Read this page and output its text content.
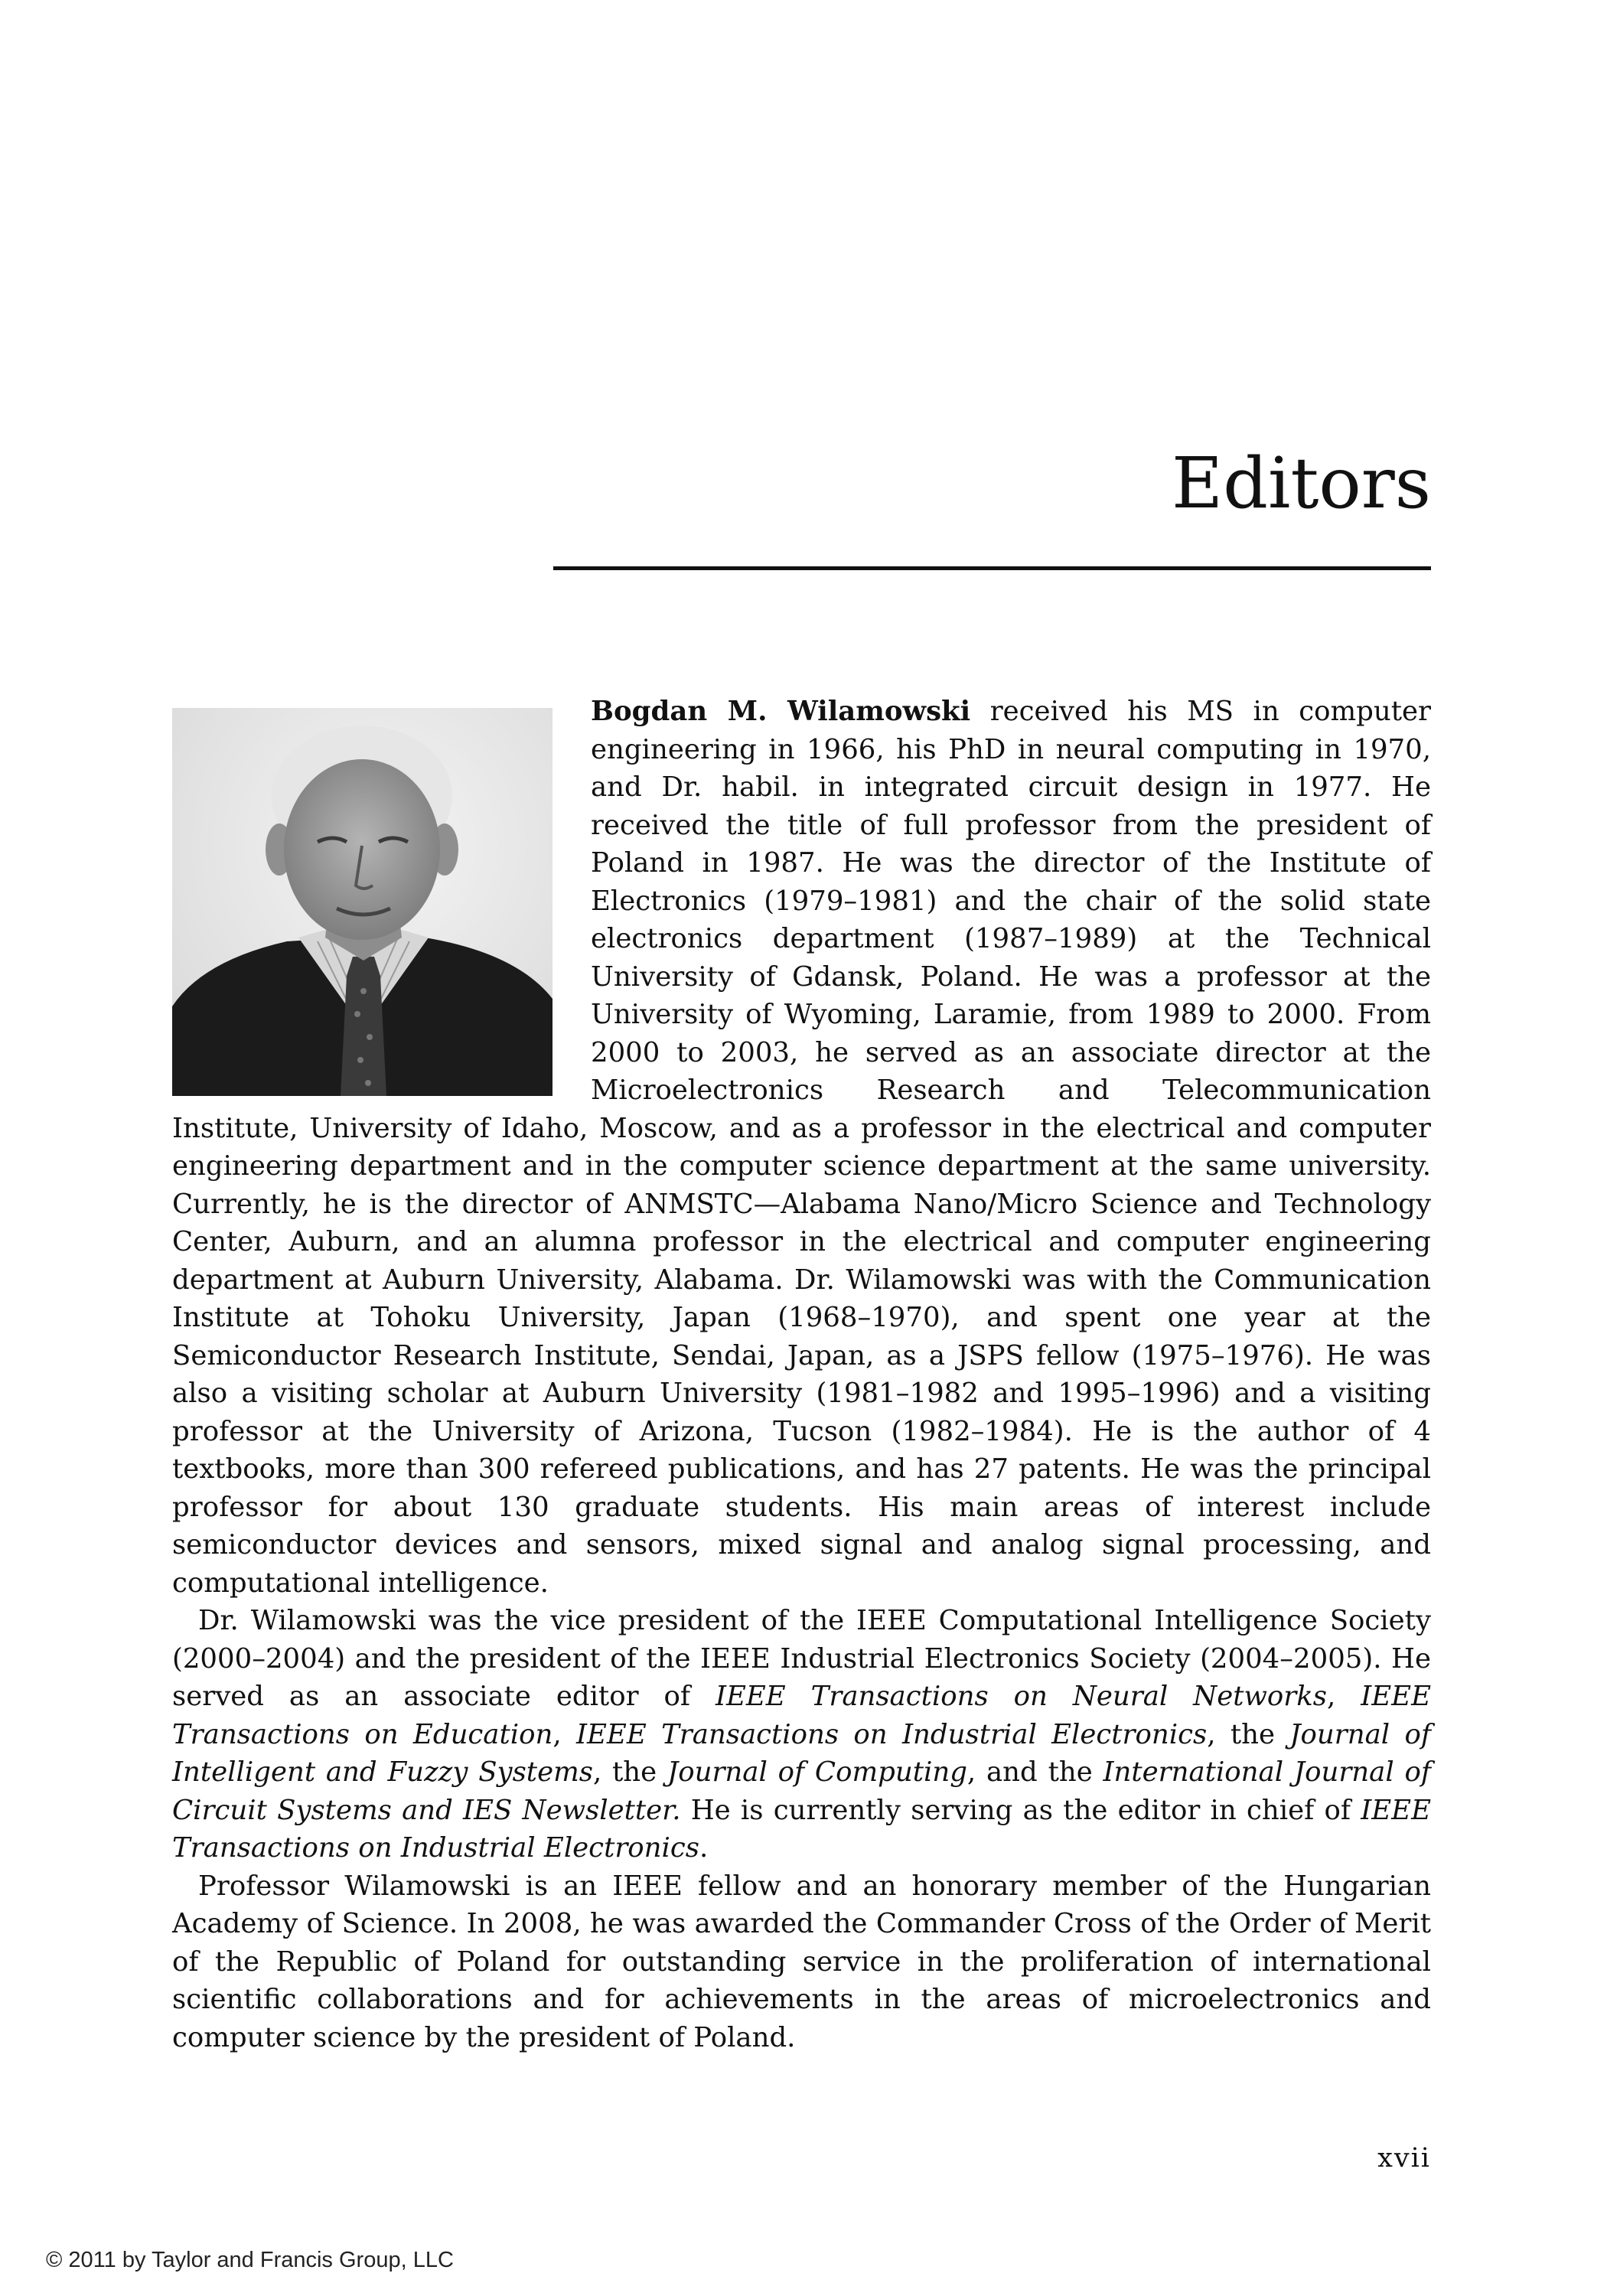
Editors

Bogdan M. Wilamowski received his MS in computer engineering in 1966, his PhD in neural computing in 1970, and Dr. habil. in integrated circuit design in 1977. He received the title of full professor from the president of Poland in 1987. He was the director of the Institute of Electronics (1979–1981) and the chair of the solid state electronics department (1987–1989) at the Technical University of Gdansk, Poland. He was a professor at the University of Wyoming, Laramie, from 1989 to 2000. From 2000 to 2003, he served as an associate director at the Microelectronics Research and Telecommunication Institute, University of Idaho, Moscow, and as a professor in the electrical and computer engineering department and in the computer science department at the same university. Currently, he is the director of ANMSTC—Alabama Nano/Micro Science and Technology Center, Auburn, and an alumna professor in the electrical and computer engineering department at Auburn University, Alabama. Dr. Wilamowski was with the Communication Institute at Tohoku University, Japan (1968–1970), and spent one year at the Semiconductor Research Institute, Sendai, Japan, as a JSPS fellow (1975–1976). He was also a visiting scholar at Auburn University (1981–1982 and 1995–1996) and a visiting professor at the University of Arizona, Tucson (1982–1984). He is the author of 4 textbooks, more than 300 refereed publications, and has 27 patents. He was the principal professor for about 130 graduate students. His main areas of interest include semiconductor devices and sensors, mixed signal and analog signal processing, and computational intelligence.

Dr. Wilamowski was the vice president of the IEEE Computational Intelligence Society (2000–2004) and the president of the IEEE Industrial Electronics Society (2004–2005). He served as an associate editor of IEEE Transactions on Neural Networks, IEEE Transactions on Education, IEEE Transactions on Industrial Electronics, the Journal of Intelligent and Fuzzy Systems, the Journal of Computing, and the International Journal of Circuit Systems and IES Newsletter. He is currently serving as the editor in chief of IEEE Transactions on Industrial Electronics.

Professor Wilamowski is an IEEE fellow and an honorary member of the Hungarian Academy of Science. In 2008, he was awarded the Commander Cross of the Order of Merit of the Republic of Poland for outstanding service in the proliferation of international scientific collaborations and for achievements in the areas of microelectronics and computer science by the president of Poland.

xvii
© 2011 by Taylor and Francis Group, LLC
